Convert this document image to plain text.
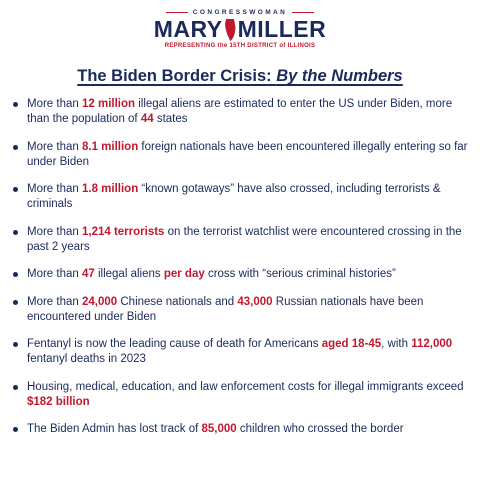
CONGRESSWOMAN
MARY MILLER
REPRESENTING the 15TH DISTRICT of ILLINOIS
The Biden Border Crisis: By the Numbers
More than 12 million illegal aliens are estimated to enter the US under Biden, more than the population of 44 states
More than 8.1 million foreign nationals have been encountered illegally entering so far under Biden
More than 1.8 million “known gotaways” have also crossed, including terrorists & criminals
More than 1,214 terrorists on the terrorist watchlist were encountered crossing in the past 2 years
More than 47 illegal aliens per day cross with “serious criminal histories”
More than 24,000 Chinese nationals and 43,000 Russian nationals have been encountered under Biden
Fentanyl is now the leading cause of death for Americans aged 18-45, with 112,000 fentanyl deaths in 2023
Housing, medical, education, and law enforcement costs for illegal immigrants exceed $182 billion
The Biden Admin has lost track of 85,000 children who crossed the border
